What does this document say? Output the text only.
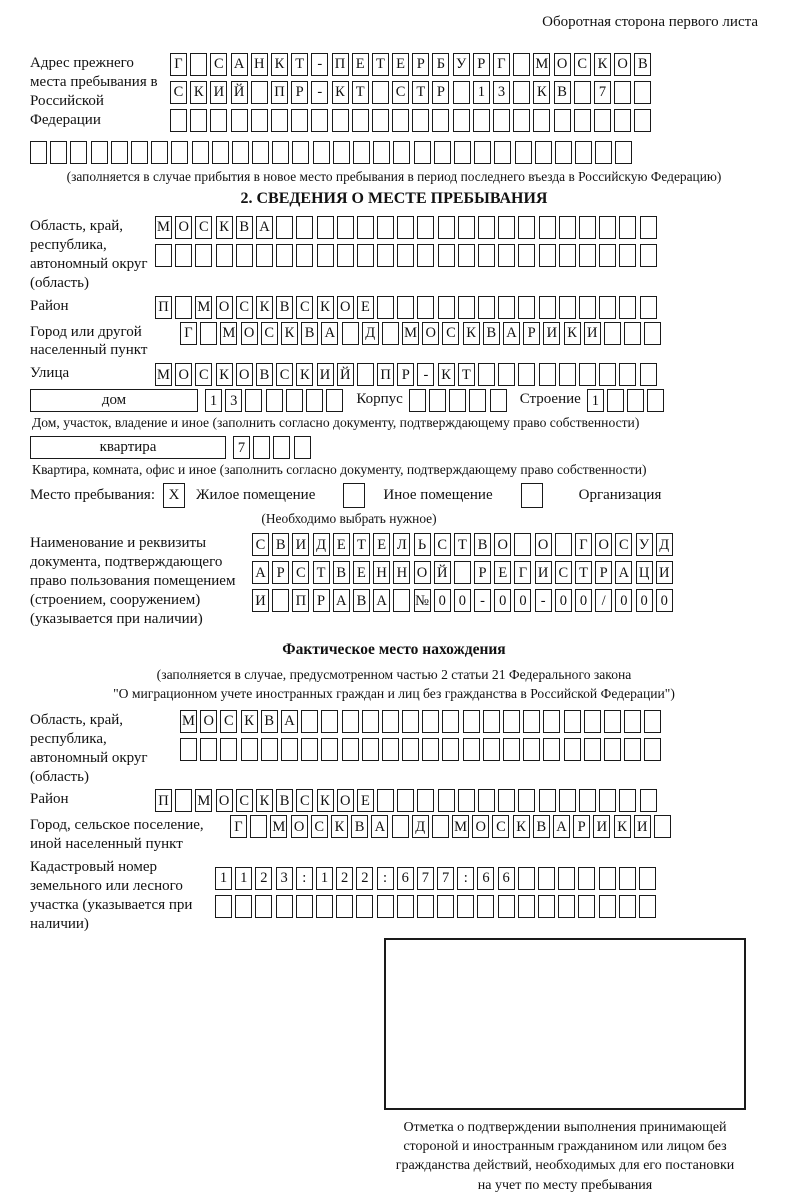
Оборотная сторона первого листа
Адрес прежнего места пребывания в Российской Федерации
Г С А Н К Т - П Е Т Е Р Б У Р Г М О С К О В
С К И Й П Р - К Т С Т Р	1 3	К В	7
(заполняется в случае прибытия в новое место пребывания в период последнего въезда в Российскую Федерацию)
2. СВЕДЕНИЯ О МЕСТЕ ПРЕБЫВАНИЯ
Область, край, республика, автономный округ (область)
М О С К В А
Район	П М О С К В С К О Е
Город или другой населенный пункт
Г М О С К В А Д М О С К В А Р И К И
Улица	М О С К О В С К И Й П Р - К Т
дом	1 3	Корпус	Строение 1
Дом, участок, владение и иное (заполнить согласно документу, подтверждающему право собственности)
квартира	7
Квартира, комната, офис и иное (заполнить согласно документу, подтверждающему право собственности)
Место пребывания: X	Жилое помещение	Иное помещение	Организация
(Необходимо выбрать нужное)
Наименование и реквизиты документа, подтверждающего право пользования помещением (строением, сооружением) (указывается при наличии)
С В И Д Е Т Е Л Ь С Т В О О Г О С У Д
А Р С Т В Е Н Н О Й	Р Е Г И С Т Р А Ц И
И П Р А В А № 0 0 - 0 0 - 0 0	/	0 0 0
Фактическое место нахождения
(заполняется в случае, предусмотренном частью 2 статьи 21 Федерального закона
"О миграционном учете иностранных граждан и лиц без гражданства в Российской Федерации")
Область, край, республика, автономный округ (область)
М О С К В А
Район	П М О С К В С К О Е
Город, сельское поселение, иной населенный пункт
Г М О С К В А Д М О С К В А Р И К И
Кадастровый номер земельного или лесного участка (указывается при наличии)
1 1 2 3	:	1 2 2	:	6 7 7	:	6 6
Отметка о подтверждении выполнения принимающей
стороной и иностранным гражданином или лицом без
гражданства действий, необходимых для его постановки
на учет по месту пребывания
